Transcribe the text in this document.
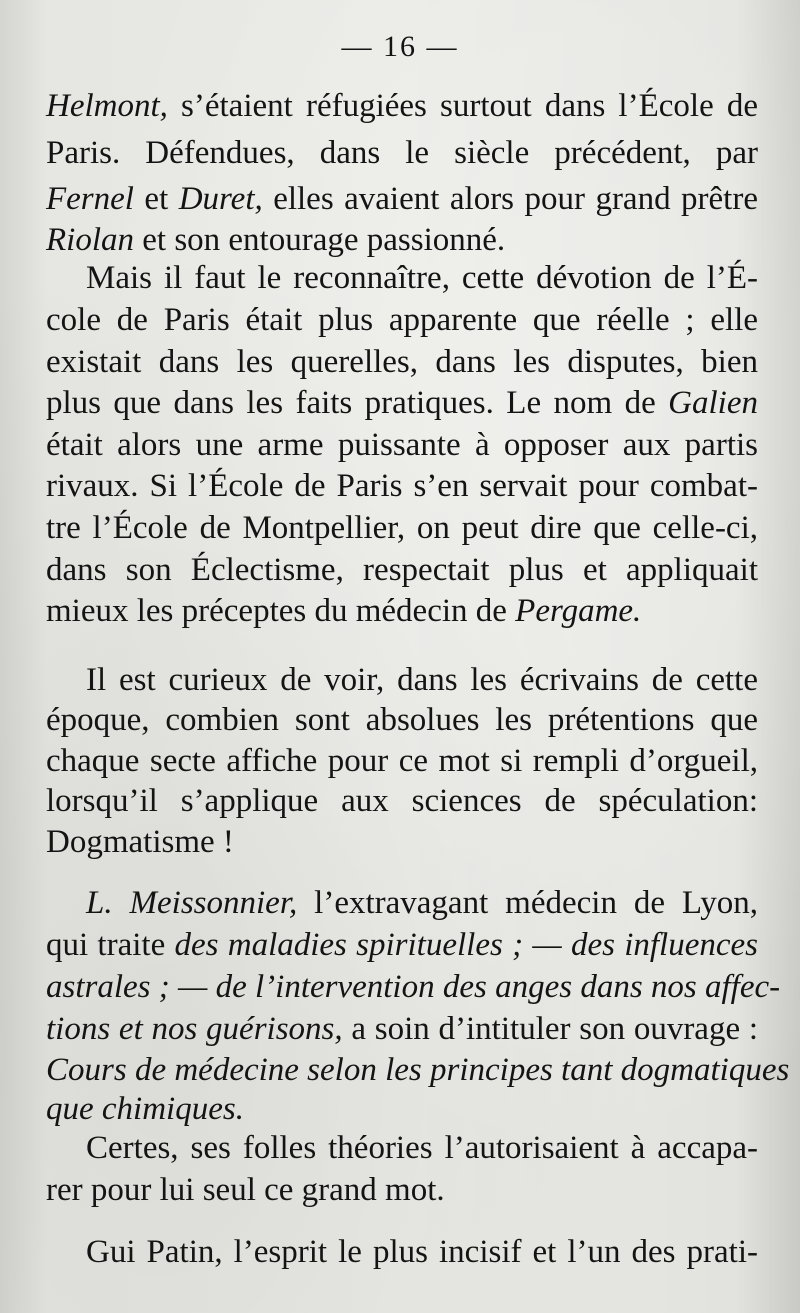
— 16 —
Helmont, s’étaient réfugiées surtout dans l’École de
Paris. Défendues, dans le siècle précédent, par
Fernel et Duret, elles avaient alors pour grand prêtre
Riolan et son entourage passionné.
Mais il faut le reconnaître, cette dévotion de l’É-
cole de Paris était plus apparente que réelle ; elle
existait dans les querelles, dans les disputes, bien
plus que dans les faits pratiques. Le nom de Galien
était alors une arme puissante à opposer aux partis
rivaux. Si l’École de Paris s’en servait pour combat-
tre l’École de Montpellier, on peut dire que celle-ci,
dans son Éclectisme, respectait plus et appliquait
mieux les préceptes du médecin de Pergame.
Il est curieux de voir, dans les écrivains de cette
époque, combien sont absolues les prétentions que
chaque secte affiche pour ce mot si rempli d’orgueil,
lorsqu’il s’applique aux sciences de spéculation:
Dogmatisme !
L. Meissonnier, l’extravagant médecin de Lyon,
qui traite des maladies spirituelles ; — des influences
astrales ; — de l’intervention des anges dans nos affec-
tions et nos guérisons, a soin d’intituler son ouvrage :
Cours de médecine selon les principes tant dogmatiques
que chimiques.
Certes, ses folles théories l’autorisaient à accapa-
rer pour lui seul ce grand mot.
Gui Patin, l’esprit le plus incisif et l’un des prati-
